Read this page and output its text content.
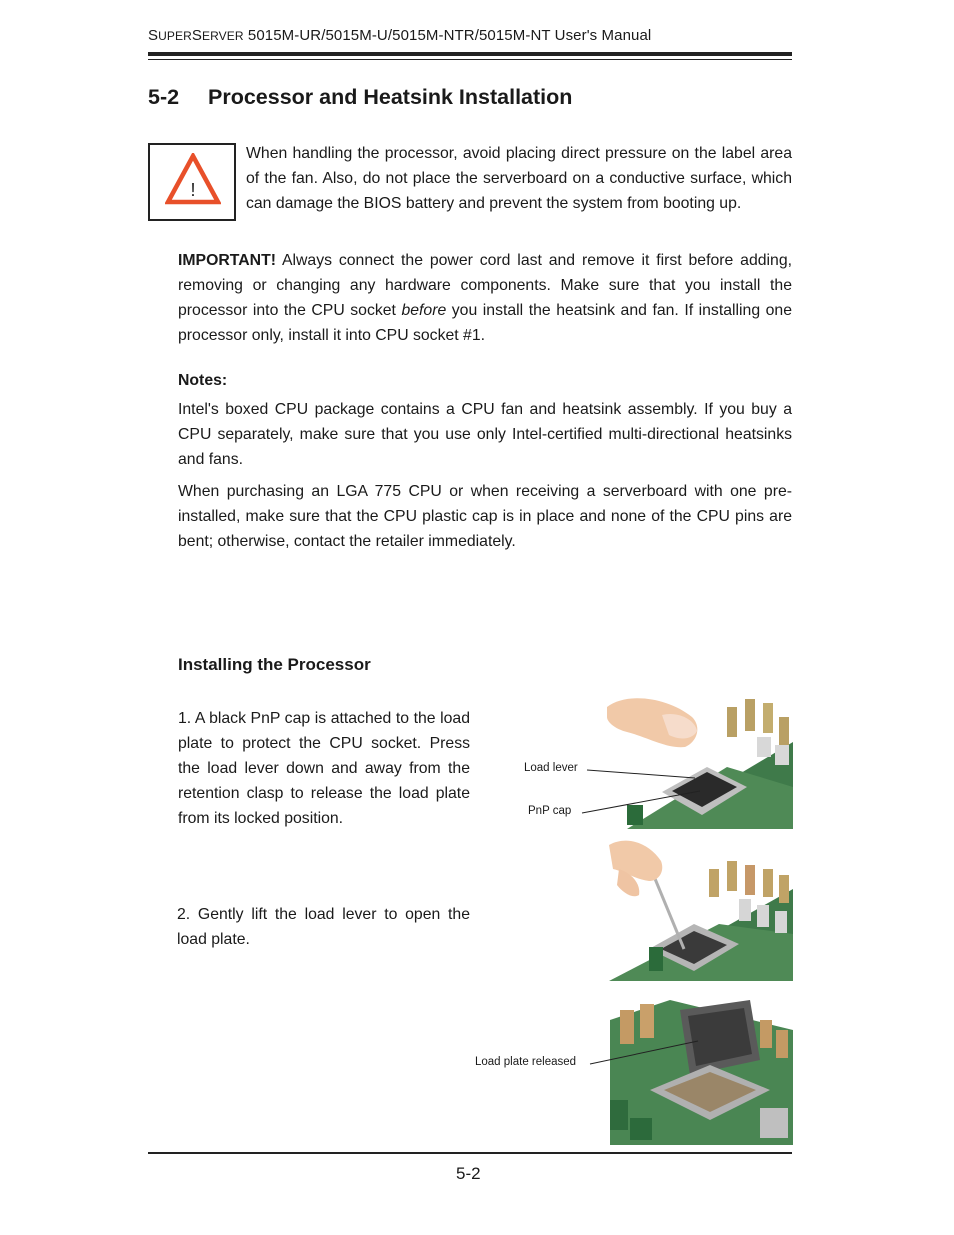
SUPERSERVER 5015M-UR/5015M-U/5015M-NTR/5015M-NT User's Manual
5-2 Processor and Heatsink Installation
!
When handling the processor, avoid placing direct pressure on the label area of the fan. Also, do not place the serverboard on a conductive surface, which can damage the BIOS battery and prevent the system from booting up.
IMPORTANT! Always connect the power cord last and remove it first before adding, removing or changing any hardware components. Make sure that you install the processor into the CPU socket before you install the heatsink and fan. If installing one processor only, install it into CPU socket #1.
Notes:
Intel's boxed CPU package contains a CPU fan and heatsink assembly. If you buy a CPU separately, make sure that you use only Intel-certified multi-directional heatsinks and fans.
When purchasing an LGA 775 CPU or when receiving a serverboard with one pre-installed, make sure that the CPU plastic cap is in place and none of the CPU pins are bent; otherwise, contact the retailer immediately.
Installing the Processor
1. A black PnP cap is attached to the load plate to protect the CPU socket. Press the load lever down and away from the retention clasp to release the load plate from its locked position.
2. Gently lift the load lever to open the load plate.
Load lever
PnP cap
Load plate released
5-2
